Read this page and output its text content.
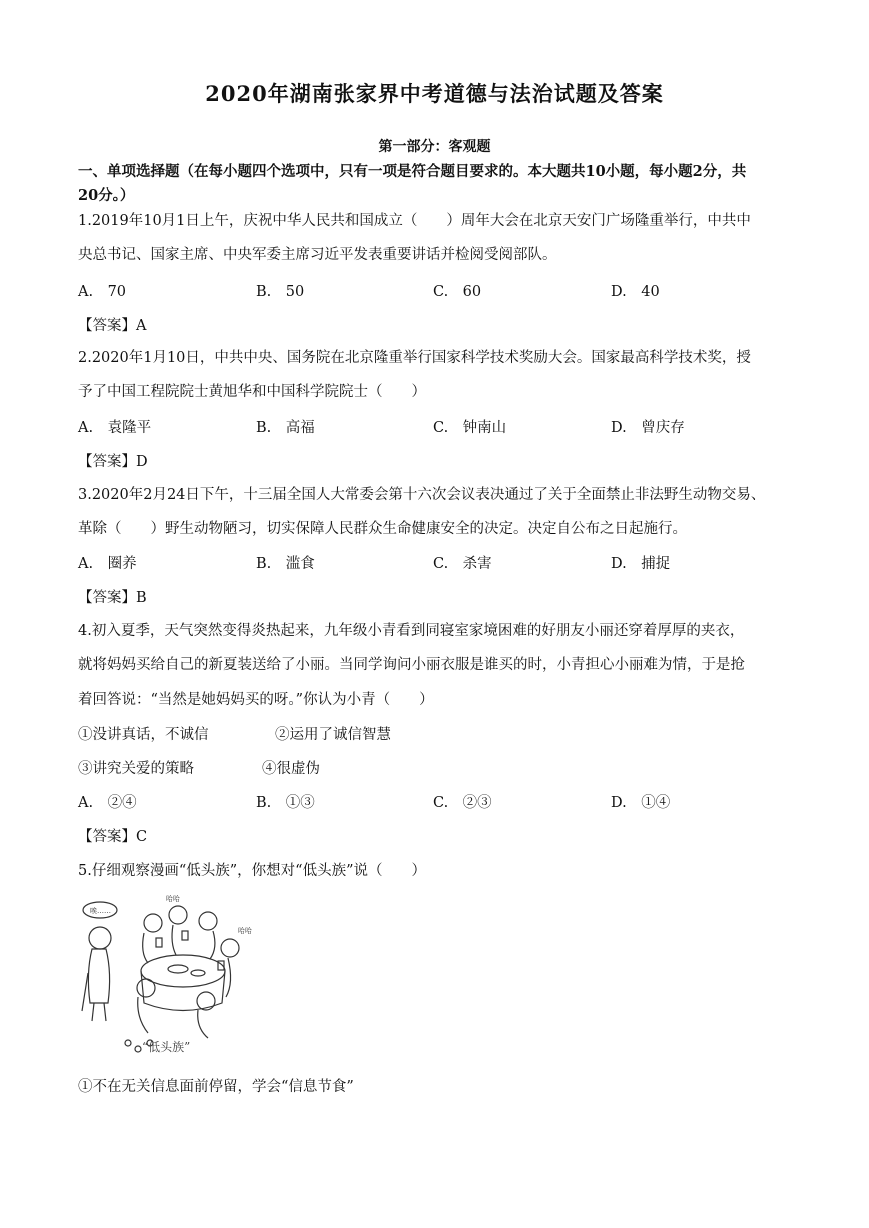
2020年湖南张家界中考道德与法治试题及答案
第一部分：客观题
一、单项选择题（在每小题四个选项中，只有一项是符合题目要求的。本大题共10小题，每小题2分，共
20分。）
1.2019年10月1日上午，庆祝中华人民共和国成立（　　）周年大会在北京天安门广场隆重举行，中共中
央总书记、国家主席、中央军委主席习近平发表重要讲话并检阅受阅部队。
A.　70	B.　50	C.　60	D.　40
【答案】A
2.2020年1月10日，中共中央、国务院在北京隆重举行国家科学技术奖励大会。国家最高科学技术奖，授
予了中国工程院院士黄旭华和中国科学院院士（　　）
A.　袁隆平	B.　高福	C.　钟南山	D.　曾庆存
【答案】D
3.2020年2月24日下午，十三届全国人大常委会第十六次会议表决通过了关于全面禁止非法野生动物交易、
革除（　　）野生动物陋习，切实保障人民群众生命健康安全的决定。决定自公布之日起施行。
A.　圈养	B.　滥食	C.　杀害	D.　捕捉
【答案】B
4.初入夏季，天气突然变得炎热起来，九年级小青看到同寝室家境困难的好朋友小丽还穿着厚厚的夹衣，
就将妈妈买给自己的新夏装送给了小丽。当同学询问小丽衣服是谁买的时，小青担心小丽难为情，于是抢
着回答说：“当然是她妈妈买的呀。”你认为小青（　　）
①没讲真话，不诚信	②运用了诚信智慧
③讲究关爱的策略	④很虚伪
A.　②④	B.　①③	C.　②③	D.　①④
【答案】C
5.仔细观察漫画“低头族”，你想对“低头族”说（　　）
唉……
哈哈
哈哈
“低头族”
①不在无关信息面前停留，学会“信息节食”
